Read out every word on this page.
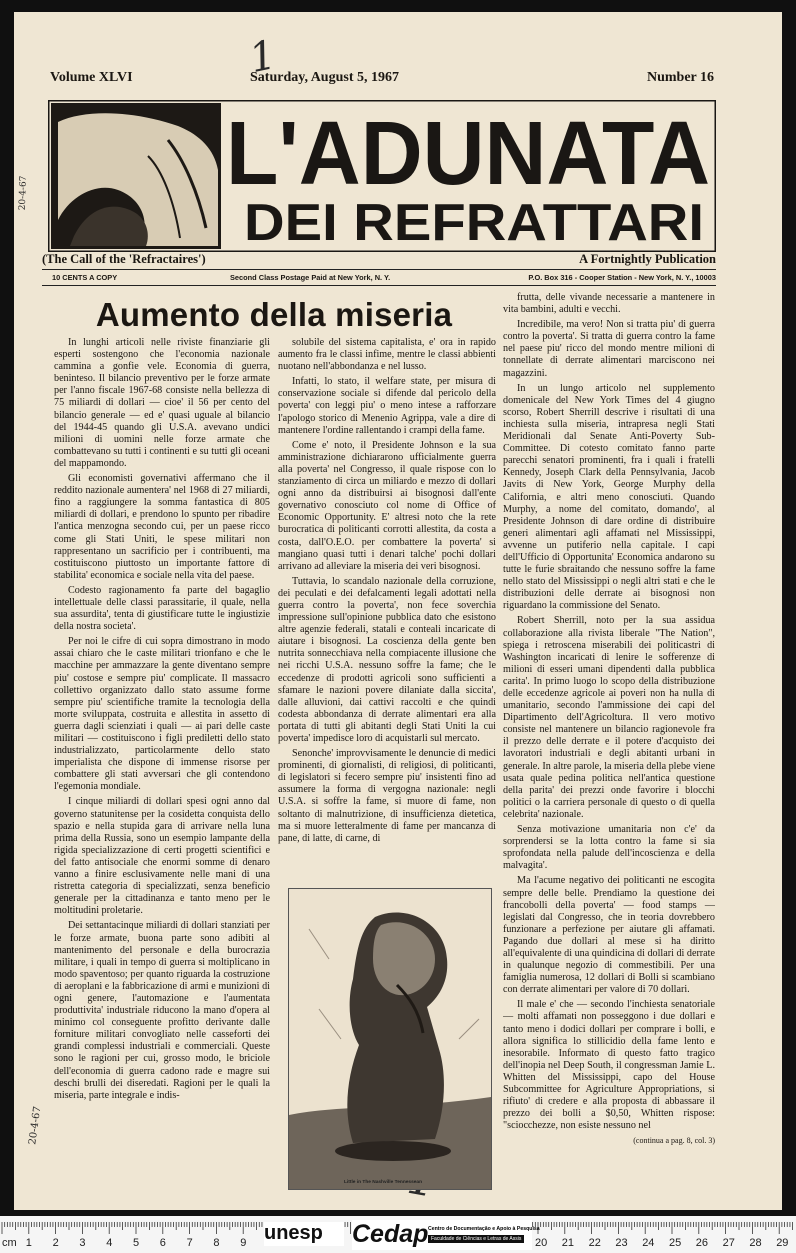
1
20-4-67
20-4-67
Volume XLVI	Saturday, August 5, 1967	Number 16
L'ADUNATA
DEI REFRATTARI
(The Call of the 'Refractaires')	A Fortnightly Publication
10 CENTS A COPY	Second Class Postage Paid at New York, N. Y.	P.O. Box 316 - Cooper Station - New York, N. Y., 10003
Aumento della miseria

In lunghi articoli nelle riviste finanziarie gli esperti sostengono che l'economia nazionale cammina a gonfie vele. Economia di guerra, beninteso. Il bilancio preventivo per le forze armate per l'anno fiscale 1967-68 consiste nella bellezza di 75 miliardi di dollari — cioe' il 56 per cento del bilancio generale — ed e' quasi uguale al bilancio del 1944-45 quando gli U.S.A. avevano undici milioni di uomini nelle forze armate che combattevano su tutti i continenti e su tutti gli oceani del mappamondo.

Gli economisti governativi affermano che il reddito nazionale aumentera' nel 1968 di 27 miliardi, fino a raggiungere la somma fantastica di 805 miliardi di dollari, e prendono lo spunto per ribadire l'antica menzogna secondo cui, per un paese ricco come gli Stati Uniti, le spese militari non rappresentano un sacrificio per i contribuenti, ma costituiscono piuttosto un importante fattore di stabilita' economica e sociale nella vita del paese.

Codesto ragionamento fa parte del bagaglio intellettuale delle classi parassitarie, il quale, nella sua assurdita', tenta di giustificare tutte le ingiustizie della nostra societa'.

Per noi le cifre di cui sopra dimostrano in modo assai chiaro che le caste militari trionfano e che le macchine per ammazzare la gente diventano sempre piu' costose e sempre piu' complicate. Il massacro collettivo organizzato dallo stato assume forme sempre piu' scientifiche tramite la tecnologia della morte sviluppata, costruita e allestita in assetto di guerra dagli scienziati i quali — ai pari delle caste militari — costituiscono i figli prediletti dello stato industrializzato, particolarmente dello stato imperialista che dispone di immense risorse per combattere gli stati avversari che gli contendono l'egemonia mondiale.

I cinque miliardi di dollari spesi ogni anno dal governo statunitense per la cosidetta conquista dello spazio e nella stupida gara di arrivare nella luna prima della Russia, sono un esempio lampante della rigida specializzazione di certi progetti scientifici e del fatto antisociale che enormi somme di denaro vanno a finire esclusivamente nelle mani di una ristretta categoria di specializzati, senza beneficio generale per la cittadinanza e tanto meno per le moltitudini proletarie.

Dei settantacinque miliardi di dollari stanziati per le forze armate, buona parte sono adibiti al mantenimento del personale e della burocrazia militare, i quali in tempo di guerra si moltiplicano in modo spaventoso; per quanto riguarda la costruzione di aeroplani e la fabbricazione di armi e munizioni di ogni genere, l'automazione e l'aumentata produttivita' industriale riducono la mano d'opera al minimo col conseguente profitto derivante dalle forniture militari convogliato nelle casseforti dei grandi complessi industriali e commerciali. Queste sono le ragioni per cui, grosso modo, le briciole dell'economia di guerra cadono rade e magre sui deschi brulli dei diseredati. Ragioni per le quali la miseria, parte integrale e indis-

solubile del sistema capitalista, e' ora in rapido aumento fra le classi infime, mentre le classi abbienti nuotano nell'abbondanza e nel lusso.

Infatti, lo stato, il welfare state, per misura di conservazione sociale si difende dal pericolo della poverta' con leggi piu' o meno intese a rafforzare l'apologo storico di Menenio Agrippa, vale a dire di mantenere l'ordine rallentando i crampi della fame.

Come e' noto, il Presidente Johnson e la sua amministrazione dichiararono ufficialmente guerra alla poverta' nel Congresso, il quale rispose con lo stanziamento di circa un miliardo e mezzo di dollari ogni anno da distribuirsi ai bisognosi dall'ente governativo conosciuto col nome di Office of Economic Opportunity. E' altresi noto che la rete burocratica di politicanti corrotti allestita, da costa a costa, dall'O.E.O. per combattere la poverta' si mangiano quasi tutti i denari talche' pochi dollari arrivano ad alleviare la miseria dei veri bisognosi.

Tuttavia, lo scandalo nazionale della corruzione, dei peculati e dei defalcamenti legali adottati nella guerra contro la poverta', non fece soverchia impressione sull'opinione pubblica dato che esistono altre agenzie federali, statali e conteali incaricate di aiutare i bisognosi. La coscienza della gente ben nutrita sonnecchiava nella compiacente illusione che nei ricchi U.S.A. nessuno soffre la fame; che le eccedenze di prodotti agricoli sono sufficienti a sfamare le nazioni povere dilaniate dalla siccita', dalle alluvioni, dai cattivi raccolti e che quindi codesta abbondanza di derrate alimentari era alla portata di tutti gli abitanti degli Stati Uniti la cui poverta' impedisce loro di acquistarli sul mercato.

Senonche' improvvisamente le denuncie di medici prominenti, di giornalisti, di religiosi, di politicanti, di legislatori si fecero sempre piu' insistenti fino ad assumere la forma di vergogna nazionale: negli U.S.A. si soffre la fame, si muore di fame, non soltanto di malnutrizione, di insufficienza dietetica, ma si muore letteralmente di fame per mancanza di pane, di latte, di carne, di

Little in The Nashville Tennessean

frutta, delle vivande necessarie a mantenere in vita bambini, adulti e vecchi.

Incredibile, ma vero! Non si tratta piu' di guerra contro la poverta'. Si tratta di guerra contro la fame nel paese piu' ricco del mondo mentre milioni di tonnellate di derrate alimentari marciscono nei magazzini.

In un lungo articolo nel supplemento domenicale del New York Times del 4 giugno scorso, Robert Sherrill descrive i risultati di una inchiesta sulla miseria, intrapresa negli Stati Meridionali dal Senate Anti-Poverty Sub-Committee. Di cotesto comitato fanno parte parecchi senatori prominenti, fra i quali i fratelli Kennedy, Joseph Clark della Pennsylvania, Jacob Javits di New York, George Murphy della California, e altri meno conosciuti. Quando Murphy, a nome del comitato, domando', al Presidente Johnson di dare ordine di distribuire generi alimentari agli affamati nel Mississippi, avvenne un putiferio nella capitale. I capi dell'Ufficio di Opportunita' Economica andarono su tutte le furie sbraitando che nessuno soffre la fame nello stato del Mississippi o negli altri stati e che le distribuzioni delle derrate ai bisognosi non riguardano la commissione del Senato.

Robert Sherrill, noto per la sua assidua collaborazione alla rivista liberale "The Nation", spiega i retroscena miserabili dei politicastri di Washington incaricati di lenire le sofferenze di milioni di esseri umani dipendenti dalla pubblica carita'. In primo luogo lo scopo della distribuzione delle eccedenze agricole ai poveri non ha nulla di umanitario, secondo l'ammissione dei capi del Dipartimento dell'Agricoltura. Il vero motivo consiste nel mantenere un bilancio ragionevole fra il prezzo delle derrate e il potere d'acquisto dei lavoratori industriali e degli abitanti urbani in generale. In altre parole, la miseria della plebe viene usata quale pedina politica nell'antica questione della parita' dei prezzi onde favorire i blocchi politici o la carriera personale di questo o di quella celebrita' nazionale.

Senza motivazione umanitaria non c'e' da sorprendersi se la lotta contro la fame si sia sprofondata nella palude dell'incoscienza e della malvagita'.

Ma l'acume negativo dei politicanti ne escogita sempre delle belle. Prendiamo la questione dei francobolli della poverta' — food stamps — legislati dal Congresso, che in teoria dovrebbero funzionare a perfezione per aiutare gli affamati. Pagando due dollari al mese si ha diritto all'equivalente di una quindicina di dollari di derrate in qualunque negozio di commestibili. Per una famiglia numerosa, 12 dollari di Bolli si scambiano con derrate alimentari per valore di 70 dollari.

Il male e' che — secondo l'inchiesta senatoriale — molti affamati non posseggono i due dollari e tanto meno i dodici dollari per comprare i bolli, e allora significa lo stillicidio della fame lento e inesorabile. Informato di questo fatto tragico dell'inopia nel Deep South, il congressman Jamie L. Whitten del Mississippi, capo del House Subcommittee for Agriculture Appropriations, si rifiuto' di credere e alla proposta di abbassare il prezzo dei bolli a $0,50, Whitten rispose: "sciocchezze, non esiste nessuno nel

(continua a pag. 8, col. 3)
cm	unesp	Cedap Centro de Documentação e Apoio à Pesquisa
Faculdade de Ciências e Letras de Assis
1 2 3 4 5 6 7 8 9	20 21 22 23 24 25 26 27 28 29
